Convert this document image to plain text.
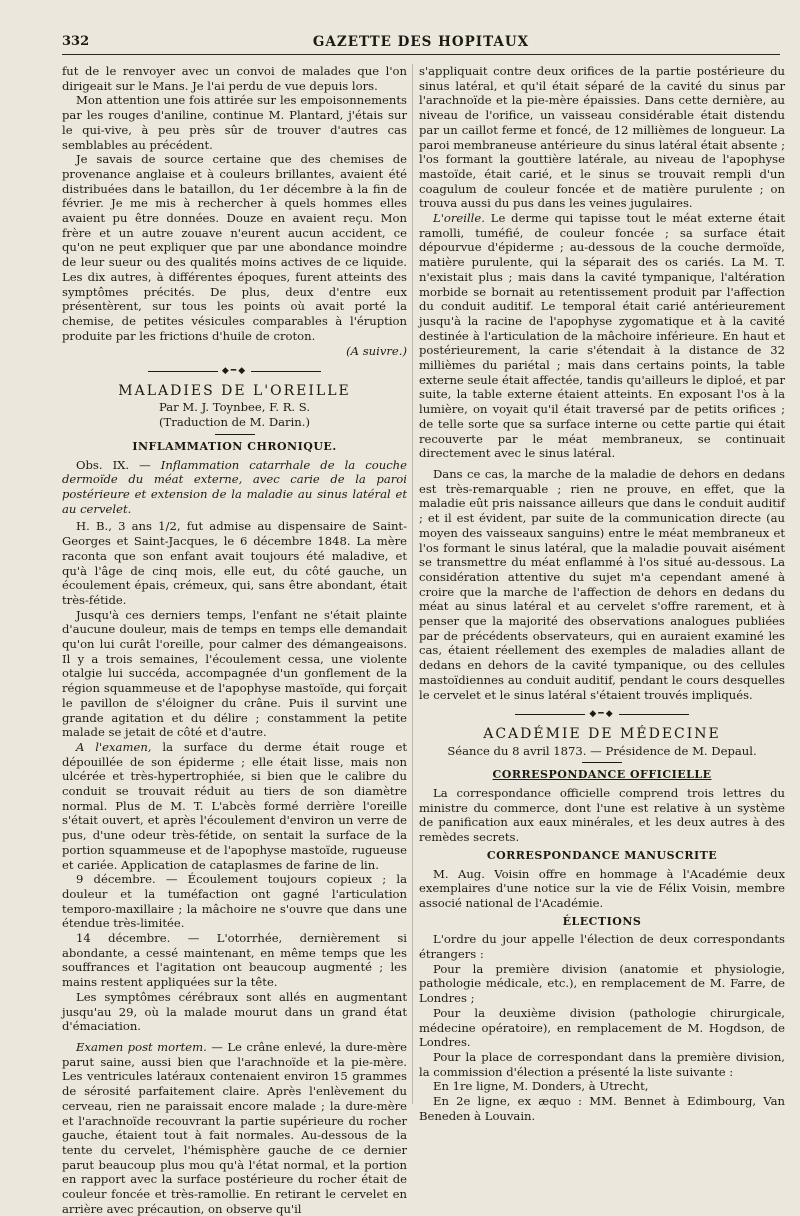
332	GAZETTE DES HOPITAUX

fut de le renvoyer avec un convoi de malades que l'on dirigeait sur le Mans. Je l'ai perdu de vue depuis lors.

Mon attention une fois attirée sur les empoisonnements par les rouges d'aniline, continue M. Plantard, j'étais sur le qui-vive, à peu près sûr de trouver d'autres cas semblables au précédent.

Je savais de source certaine que des chemises de provenance anglaise et à couleurs brillantes, avaient été distribuées dans le bataillon, du 1er décembre à la fin de février. Je me mis à rechercher à quels hommes elles avaient pu être données. Douze en avaient reçu. Mon frère et un autre zouave n'eurent aucun accident, ce qu'on ne peut expliquer que par une abondance moindre de leur sueur ou des qualités moins actives de ce liquide. Les dix autres, à différentes époques, furent atteints des symptômes précités. De plus, deux d'entre eux présentèrent, sur tous les points où avait porté la chemise, de petites vésicules comparables à l'éruption produite par les frictions d'huile de croton.

(A suivre.)
◆━◆
MALADIES DE L'OREILLE
Par M. J. Toynbee, F. R. S.
(Traduction de M. Darin.)
INFLAMMATION CHRONIQUE.

Obs. IX. — Inflammation catarrhale de la couche dermoïde du méat externe, avec carie de la paroi postérieure et extension de la maladie au sinus latéral et au cervelet.

H. B., 3 ans 1/2, fut admise au dispensaire de Saint-Georges et Saint-Jacques, le 6 décembre 1848. La mère raconta que son enfant avait toujours été maladive, et qu'à l'âge de cinq mois, elle eut, du côté gauche, un écoulement épais, crémeux, qui, sans être abondant, était très-fétide.

Jusqu'à ces derniers temps, l'enfant ne s'était plainte d'aucune douleur, mais de temps en temps elle demandait qu'on lui curât l'oreille, pour calmer des démangeaisons. Il y a trois semaines, l'écoulement cessa, une violente otalgie lui succéda, accompagnée d'un gonflement de la région squammeuse et de l'apophyse mastoïde, qui forçait le pavillon de s'éloigner du crâne. Puis il survint une grande agitation et du délire ; constamment la petite malade se jetait de côté et d'autre.

A l'examen, la surface du derme était rouge et dépouillée de son épiderme ; elle était lisse, mais non ulcérée et très-hypertrophiée, si bien que le calibre du conduit se trouvait réduit au tiers de son diamètre normal. Plus de M. T. L'abcès formé derrière l'oreille s'était ouvert, et après l'écoulement d'environ un verre de pus, d'une odeur très-fétide, on sentait la surface de la portion squammeuse et de l'apophyse mastoïde, rugueuse et cariée. Application de cataplasmes de farine de lin.

9 décembre. — Écoulement toujours copieux ; la douleur et la tuméfaction ont gagné l'articulation temporo-maxillaire ; la mâchoire ne s'ouvre que dans une étendue très-limitée.

14 décembre. — L'otorrhée, dernièrement si abondante, a cessé maintenant, en même temps que les souffrances et l'agitation ont beaucoup augmenté ; les mains restent appliquées sur la tête.

Les symptômes cérébraux sont allés en augmentant jusqu'au 29, où la malade mourut dans un grand état d'émaciation.

Examen post mortem. — Le crâne enlevé, la dure-mère parut saine, aussi bien que l'arachnoïde et la pie-mère. Les ventricules latéraux contenaient environ 15 grammes de sérosité parfaitement claire. Après l'enlèvement du cerveau, rien ne paraissait encore malade ; la dure-mère et l'arachnoïde recouvrant la partie supérieure du rocher gauche, étaient tout à fait normales. Au-dessous de la tente du cervelet, l'hémisphère gauche de ce dernier parut beaucoup plus mou qu'à l'état normal, et la portion en rapport avec la surface postérieure du rocher était de couleur foncée et très-ramollie. En retirant le cervelet en arrière avec précaution, on observe qu'il

s'appliquait contre deux orifices de la partie postérieure du sinus latéral, et qu'il était séparé de la cavité du sinus par l'arachnoïde et la pie-mère épaissies. Dans cette dernière, au niveau de l'orifice, un vaisseau considérable était distendu par un caillot ferme et foncé, de 12 millièmes de longueur. La paroi membraneuse antérieure du sinus latéral était absente ; l'os formant la gouttière latérale, au niveau de l'apophyse mastoïde, était carié, et le sinus se trouvait rempli d'un coagulum de couleur foncée et de matière purulente ; on trouva aussi du pus dans les veines jugulaires.

L'oreille. Le derme qui tapisse tout le méat externe était ramolli, tuméfié, de couleur foncée ; sa surface était dépourvue d'épiderme ; au-dessous de la couche dermoïde, matière purulente, qui la séparait des os cariés. La M. T. n'existait plus ; mais dans la cavité tympanique, l'altération morbide se bornait au retentissement produit par l'affection du conduit auditif. Le temporal était carié antérieurement jusqu'à la racine de l'apophyse zygomatique et à la cavité destinée à l'articulation de la mâchoire inférieure. En haut et postérieurement, la carie s'étendait à la distance de 32 millièmes du pariétal ; mais dans certains points, la table externe seule était affectée, tandis qu'ailleurs le diploé, et par suite, la table externe étaient atteints. En exposant l'os à la lumière, on voyait qu'il était traversé par de petits orifices ; de telle sorte que sa surface interne ou cette partie qui était recouverte par le méat membraneux, se continuait directement avec le sinus latéral.

Dans ce cas, la marche de la maladie de dehors en dedans est très-remarquable ; rien ne prouve, en effet, que la maladie eût pris naissance ailleurs que dans le conduit auditif ; et il est évident, par suite de la communication directe (au moyen des vaisseaux sanguins) entre le méat membraneux et l'os formant le sinus latéral, que la maladie pouvait aisément se transmettre du méat enflammé à l'os situé au-dessous. La considération attentive du sujet m'a cependant amené à croire que la marche de l'affection de dehors en dedans du méat au sinus latéral et au cervelet s'offre rarement, et à penser que la majorité des observations analogues publiées par de précédents observateurs, qui en auraient examiné les cas, étaient réellement des exemples de maladies allant de dedans en dehors de la cavité tympanique, ou des cellules mastoïdiennes au conduit auditif, pendant le cours desquelles le cervelet et le sinus latéral s'étaient trouvés impliqués.

◆━◆
ACADÉMIE DE MÉDECINE
Séance du 8 avril 1873. — Présidence de M. Depaul.
CORRESPONDANCE OFFICIELLE

La correspondance officielle comprend trois lettres du ministre du commerce, dont l'une est relative à un système de panification aux eaux minérales, et les deux autres à des remèdes secrets.

CORRESPONDANCE MANUSCRITE

M. Aug. Voisin offre en hommage à l'Académie deux exemplaires d'une notice sur la vie de Félix Voisin, membre associé national de l'Académie.

ÉLECTIONS

L'ordre du jour appelle l'élection de deux correspondants étrangers :

Pour la première division (anatomie et physiologie, pathologie médicale, etc.), en remplacement de M. Farre, de Londres ;

Pour la deuxième division (pathologie chirurgicale, médecine opératoire), en remplacement de M. Hogdson, de Londres.

Pour la place de correspondant dans la première division, la commission d'élection a présenté la liste suivante :

En 1re ligne, M. Donders, à Utrecht,

En 2e ligne, ex æquo : MM. Bennet à Edimbourg, Van Beneden à Louvain.
